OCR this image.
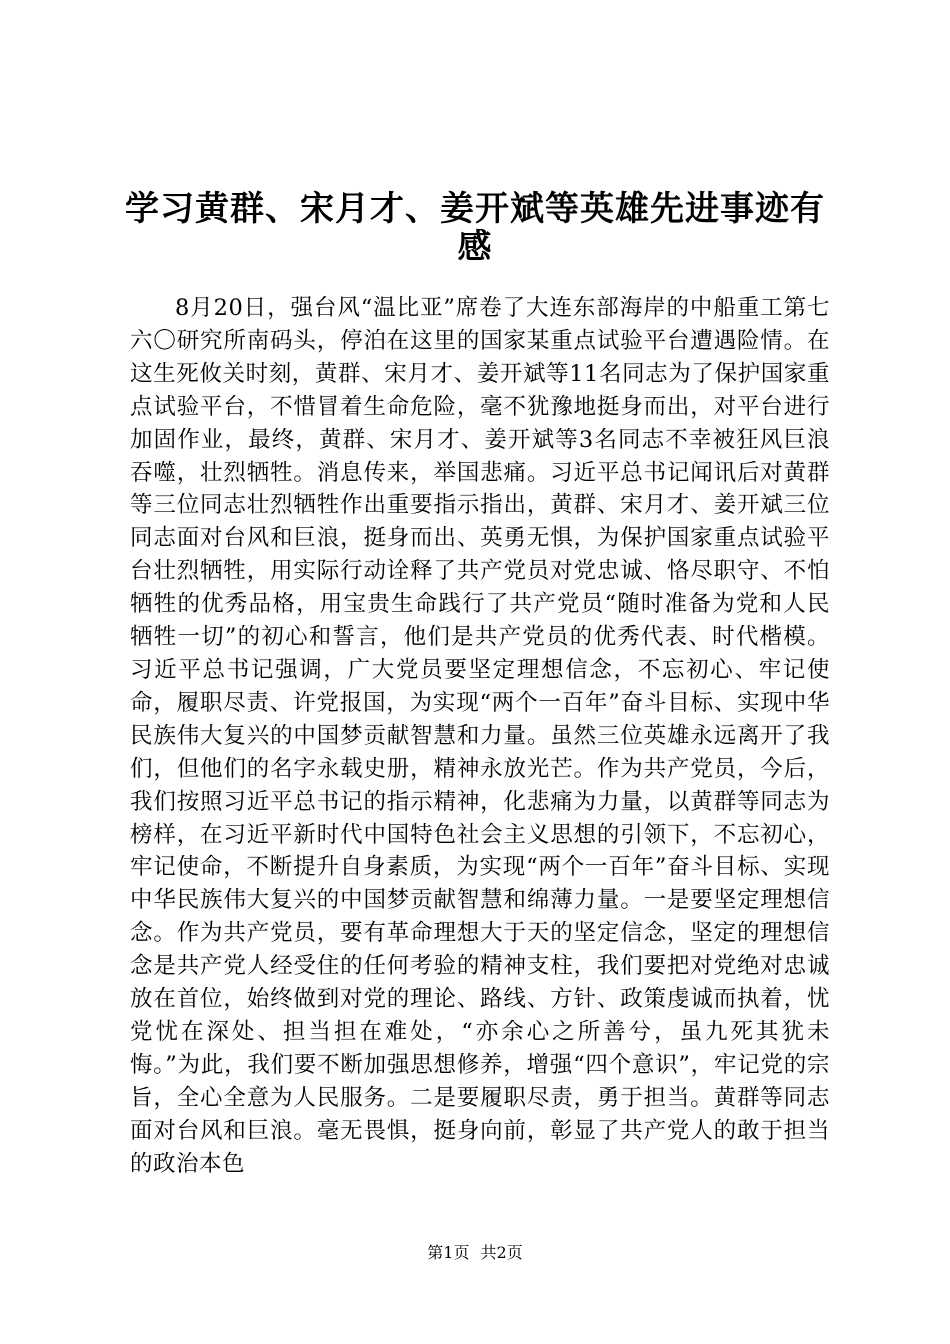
学习黄群、宋月才、姜开斌等英雄先进事迹有
感

8月20日，强台风“温比亚”席卷了大连东部海岸的中船重工第七六〇研究所南码头，停泊在这里的国家某重点试验平台遭遇险情。在这生死攸关时刻，黄群、宋月才、姜开斌等11名同志为了保护国家重点试验平台，不惜冒着生命危险，毫不犹豫地挺身而出，对平台进行加固作业，最终，黄群、宋月才、姜开斌等3名同志不幸被狂风巨浪吞噬，壮烈牺牲。消息传来，举国悲痛。习近平总书记闻讯后对黄群等三位同志壮烈牺牲作出重要指示指出，黄群、宋月才、姜开斌三位同志面对台风和巨浪，挺身而出、英勇无惧，为保护国家重点试验平台壮烈牺牲，用实际行动诠释了共产党员对党忠诚、恪尽职守、不怕牺牲的优秀品格，用宝贵生命践行了共产党员“随时准备为党和人民牺牲一切”的初心和誓言，他们是共产党员的优秀代表、时代楷模。习近平总书记强调，广大党员要坚定理想信念，不忘初心、牢记使命，履职尽责、许党报国，为实现“两个一百年”奋斗目标、实现中华民族伟大复兴的中国梦贡献智慧和力量。虽然三位英雄永远离开了我们，但他们的名字永载史册，精神永放光芒。作为共产党员，今后，我们按照习近平总书记的指示精神，化悲痛为力量，以黄群等同志为榜样，在习近平新时代中国特色社会主义思想的引领下，不忘初心，牢记使命，不断提升自身素质，为实现“两个一百年”奋斗目标、实现中华民族伟大复兴的中国梦贡献智慧和绵薄力量。一是要坚定理想信念。作为共产党员，要有革命理想大于天的坚定信念，坚定的理想信念是共产党人经受住的任何考验的精神支柱，我们要把对党绝对忠诚放在首位，始终做到对党的理论、路线、方针、政策虔诚而执着，忧党忧在深处、担当担在难处，“亦余心之所善兮，虽九死其犹未悔。”为此，我们要不断加强思想修养，增强“四个意识”，牢记党的宗旨，全心全意为人民服务。二是要履职尽责，勇于担当。黄群等同志面对台风和巨浪。毫无畏惧，挺身向前，彰显了共产党人的敢于担当的政治本色

第1页 共2页
